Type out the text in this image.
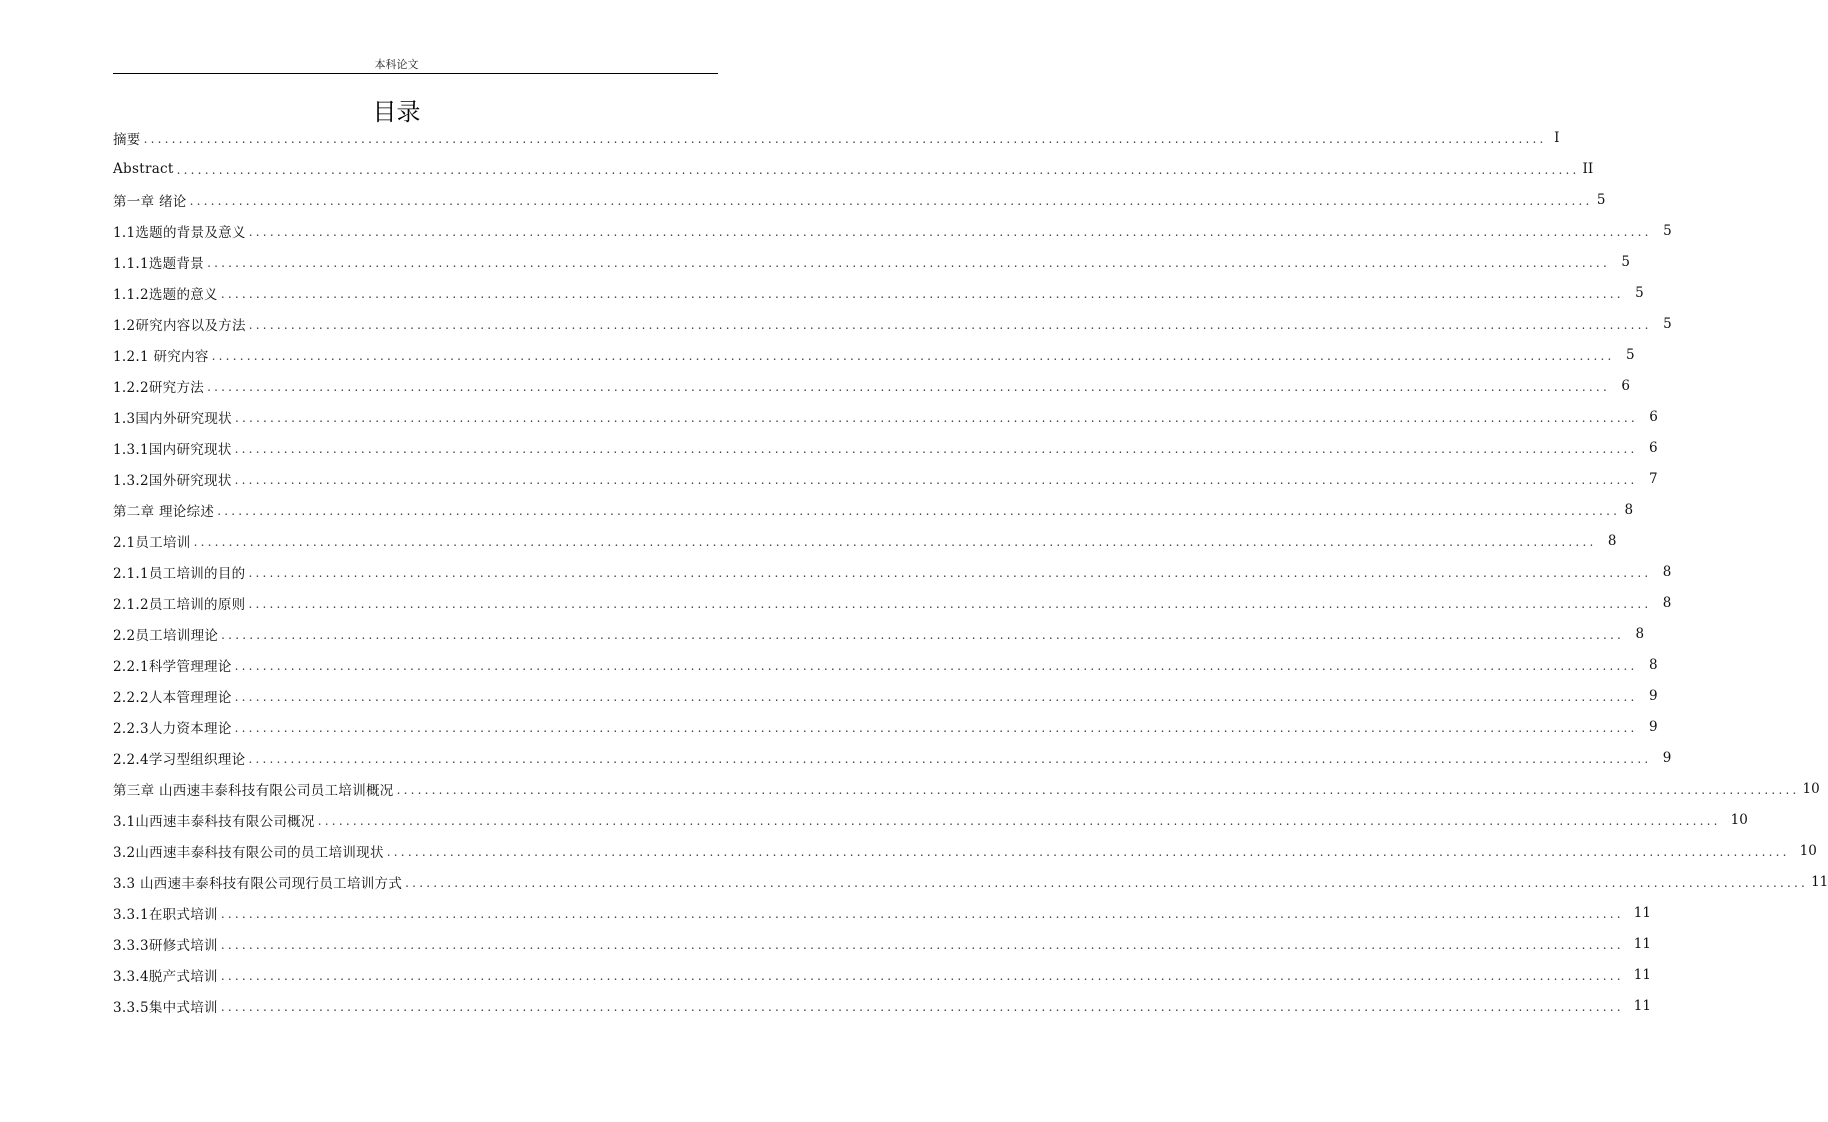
本科论文
目录
摘要 ........................................................................................................................................................................................................ I
Abstract ........................................................................................................................................................................................................ II
第一章 绪论 ........................................................................................................................................................................................................ 5
1.1选题的背景及意义 ........................................................................................................................................................................................................ 5
1.1.1选题背景 ........................................................................................................................................................................................................ 5
1.1.2选题的意义 ........................................................................................................................................................................................................ 5
1.2研究内容以及方法 ........................................................................................................................................................................................................ 5
1.2.1 研究内容 ........................................................................................................................................................................................................ 5
1.2.2研究方法 ........................................................................................................................................................................................................ 6
1.3国内外研究现状 ........................................................................................................................................................................................................ 6
1.3.1国内研究现状 ........................................................................................................................................................................................................ 6
1.3.2国外研究现状 ........................................................................................................................................................................................................ 7
第二章 理论综述 ........................................................................................................................................................................................................ 8
2.1员工培训 ........................................................................................................................................................................................................ 8
2.1.1员工培训的目的 ........................................................................................................................................................................................................ 8
2.1.2员工培训的原则 ........................................................................................................................................................................................................ 8
2.2员工培训理论 ........................................................................................................................................................................................................ 8
2.2.1科学管理理论 ........................................................................................................................................................................................................ 8
2.2.2人本管理理论 ........................................................................................................................................................................................................ 9
2.2.3人力资本理论 ........................................................................................................................................................................................................ 9
2.2.4学习型组织理论 ........................................................................................................................................................................................................ 9
第三章 山西速丰泰科技有限公司员工培训概况 ........................................................................................................................................................................................................ 10
3.1山西速丰泰科技有限公司概况 ........................................................................................................................................................................................................ 10
3.2山西速丰泰科技有限公司的员工培训现状 ........................................................................................................................................................................................................ 10
3.3 山西速丰泰科技有限公司现行员工培训方式 ........................................................................................................................................................................................................ 11
3.3.1在职式培训 ........................................................................................................................................................................................................ 11
3.3.3研修式培训 ........................................................................................................................................................................................................ 11
3.3.4脱产式培训 ........................................................................................................................................................................................................ 11
3.3.5集中式培训 ........................................................................................................................................................................................................ 11
